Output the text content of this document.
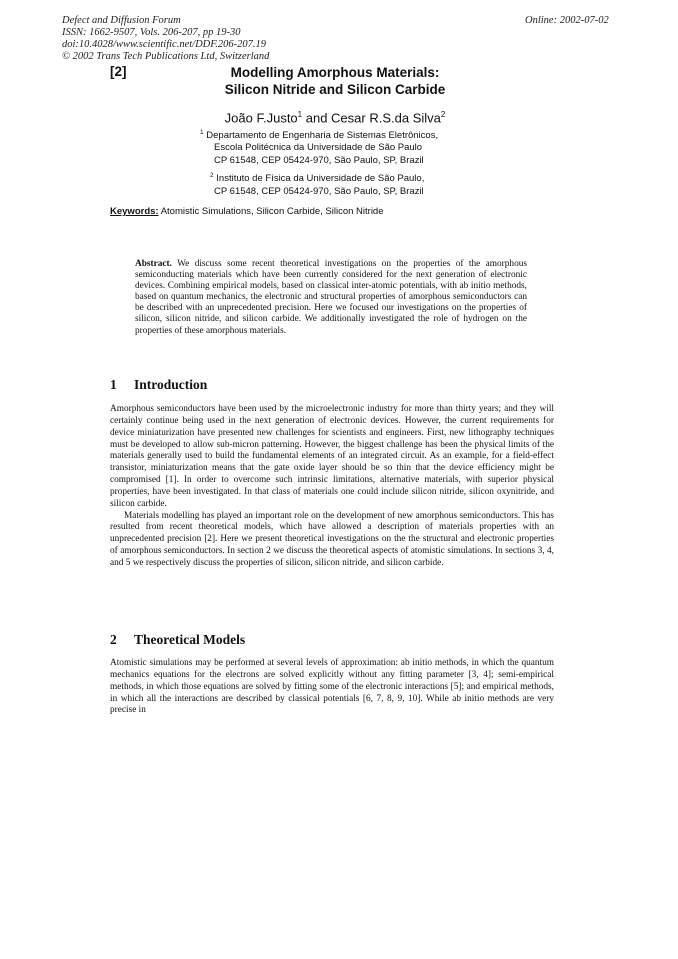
Defect and Diffusion Forum
ISSN: 1662-9507, Vols. 206-207, pp 19-30
doi:10.4028/www.scientific.net/DDF.206-207.19
© 2002 Trans Tech Publications Ltd, Switzerland
Online: 2002-07-02
[2]	Modelling Amorphous Materials:
Silicon Nitride and Silicon Carbide
João F.Justo$^1$ and Cesar R.S.da Silva$^2$
$^1$ Departamento de Engenharia de Sistemas Eletrônicos,
Escola Politécnica da Universidade de São Paulo
CP 61548, CEP 05424-970, São Paulo, SP, Brazil
$^2$ Instituto de Física da Universidade de São Paulo,
CP 61548, CEP 05424-970, São Paulo, SP, Brazil
Keywords: Atomistic Simulations, Silicon Carbide, Silicon Nitride
Abstract. We discuss some recent theoretical investigations on the properties of the amorphous semiconducting materials which have been currently considered for the next generation of electronic devices. Combining empirical models, based on classical inter-atomic potentials, with ab initio methods, based on quantum mechanics, the electronic and structural properties of amorphous semiconductors can be described with an unprecedented precision. Here we focused our investigations on the properties of silicon, silicon nitride, and silicon carbide. We additionally investigated the role of hydrogen on the properties of these amorphous materials.
1 Introduction

Amorphous semiconductors have been used by the microelectronic industry for more than thirty years; and they will certainly continue being used in the next generation of electronic devices. However, the current requirements for device miniaturization have presented new challenges for scientists and engineers. First, new lithography techniques must be developed to allow sub-micron patterning. However, the biggest challenge has been the physical limits of the materials generally used to build the fundamental elements of an integrated circuit. As an example, for a field-effect transistor, miniaturization means that the gate oxide layer should be so thin that the device efficiency might be compromised [1]. In order to overcome such intrinsic limitations, alternative materials, with superior physical properties, have been investigated. In that class of materials one could include silicon nitride, silicon oxynitride, and silicon carbide.

Materials modelling has played an important role on the development of new amorphous semiconductors. This has resulted from recent theoretical models, which have allowed a description of materials properties with an unprecedented precision [2]. Here we present theoretical investigations on the the structural and electronic properties of amorphous semiconductors. In section 2 we discuss the theoretical aspects of atomistic simulations. In sections 3, 4, and 5 we respectively discuss the properties of silicon, silicon nitride, and silicon carbide.

2 Theoretical Models

Atomistic simulations may be performed at several levels of approximation: ab initio methods, in which the quantum mechanics equations for the electrons are solved explicitly without any fitting parameter [3, 4]; semi-empirical methods, in which those equations are solved by fitting some of the electronic interactions [5]; and empirical methods, in which all the interactions are described by classical potentials [6, 7, 8, 9, 10]. While ab initio methods are very precise in
